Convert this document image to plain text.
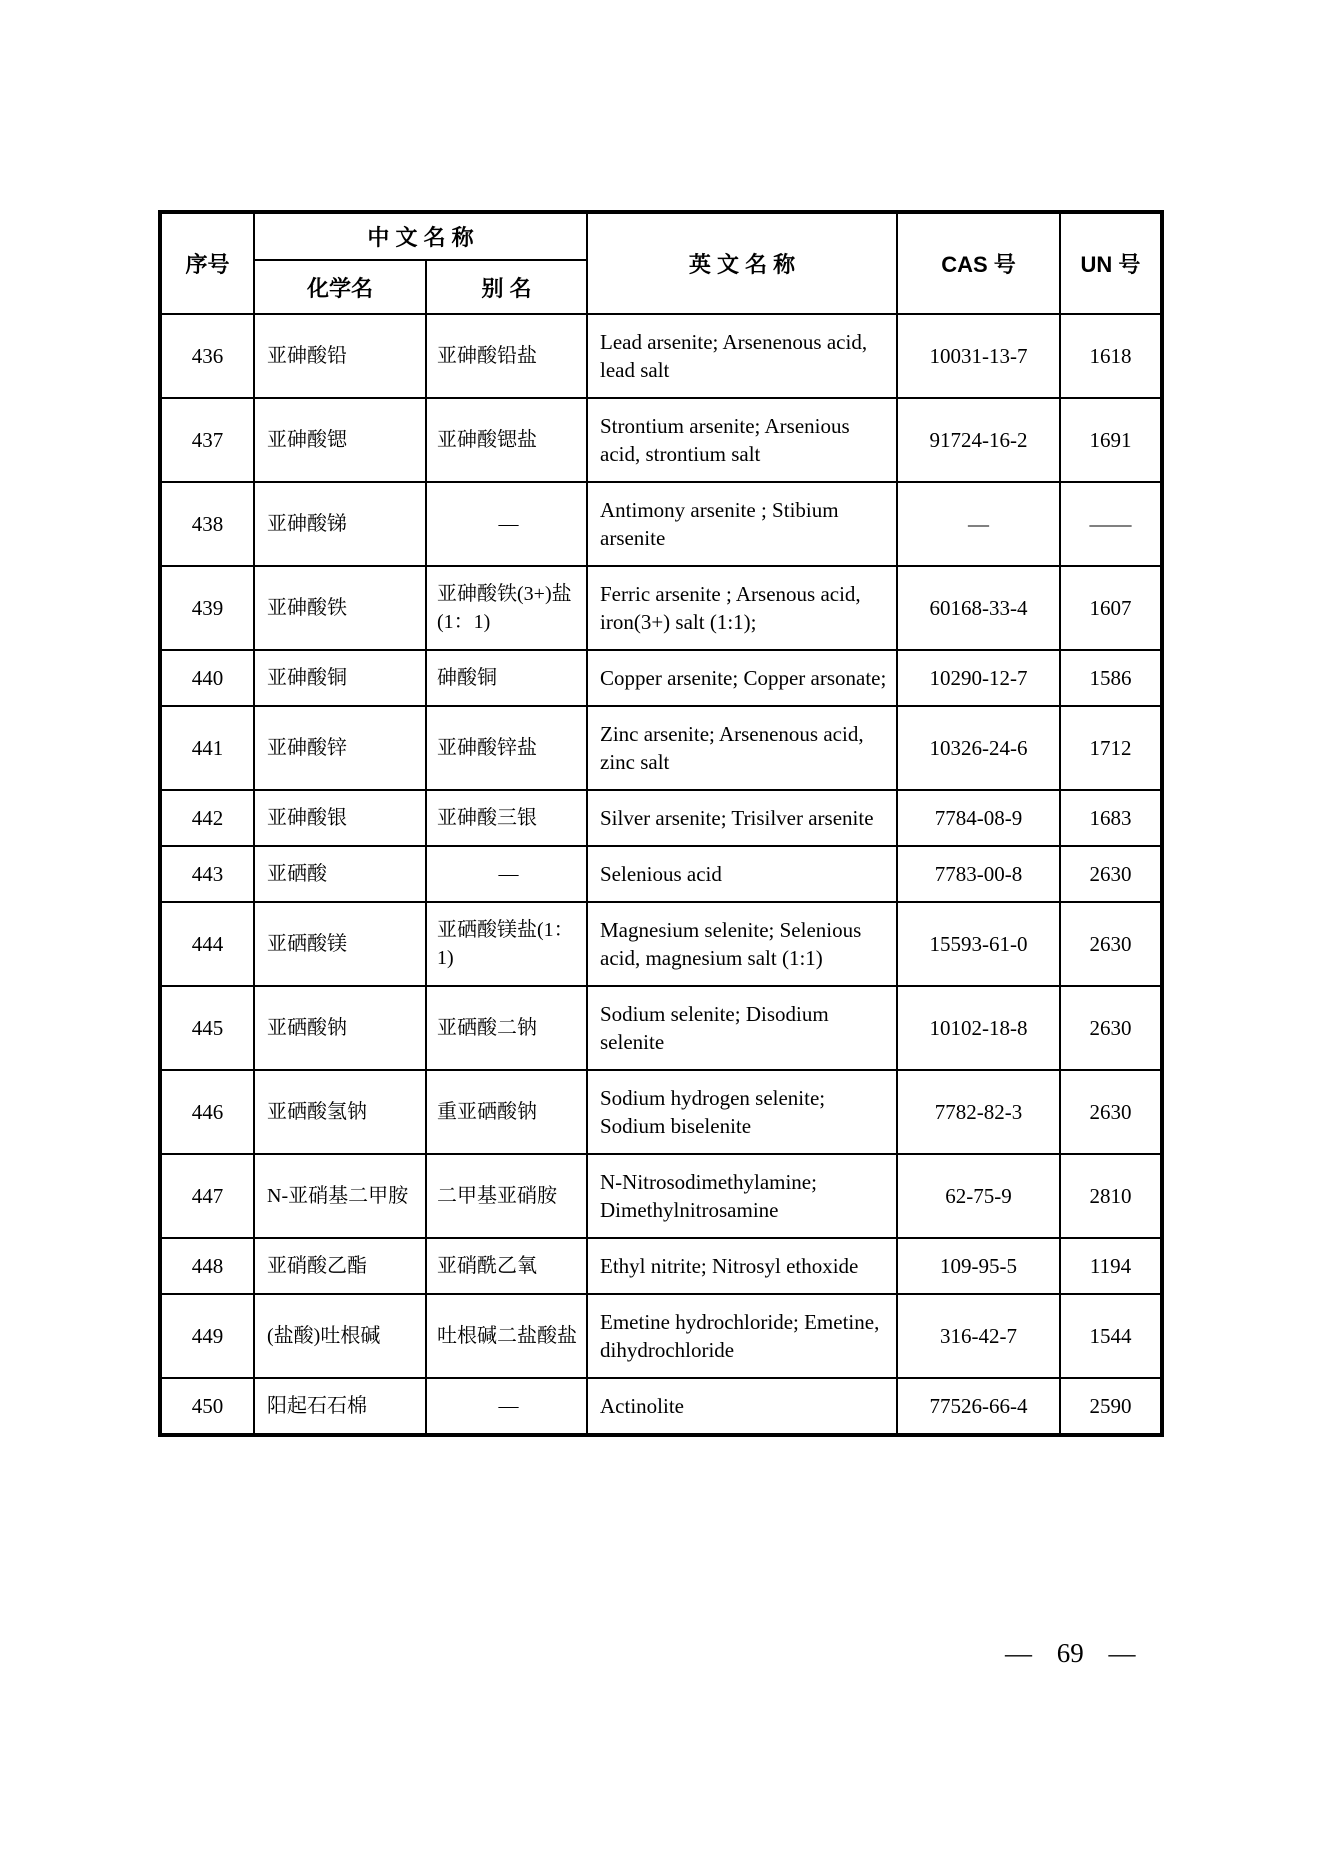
序号	中 文 名 称		英 文 名 称	CAS 号	UN 号
	化学名	别 名			
436	亚砷酸铅	亚砷酸铅盐	Lead arsenite; Arsenenous acid, lead salt	10031-13-7	1618
437	亚砷酸锶	亚砷酸锶盐	Strontium arsenite; Arsenious acid, strontium salt	91724-16-2	1691
438	亚砷酸锑	—	Antimony arsenite ; Stibium arsenite	—	——
439	亚砷酸铁	亚砷酸铁(3+)盐(1：1)	Ferric arsenite ; Arsenous acid, iron(3+) salt (1:1);	60168-33-4	1607
440	亚砷酸铜	砷酸铜	Copper arsenite; Copper arsonate;	10290-12-7	1586
441	亚砷酸锌	亚砷酸锌盐	Zinc arsenite; Arsenenous acid, zinc salt	10326-24-6	1712
442	亚砷酸银	亚砷酸三银	Silver arsenite; Trisilver arsenite	7784-08-9	1683
443	亚硒酸	—	Selenious acid	7783-00-8	2630
444	亚硒酸镁	亚硒酸镁盐(1：1)	Magnesium selenite; Selenious acid, magnesium salt (1:1)	15593-61-0	2630
445	亚硒酸钠	亚硒酸二钠	Sodium selenite; Disodium selenite	10102-18-8	2630
446	亚硒酸氢钠	重亚硒酸钠	Sodium hydrogen selenite; Sodium biselenite	7782-82-3	2630
447	N-亚硝基二甲胺	二甲基亚硝胺	N-Nitrosodimethylamine; Dimethylnitrosamine	62-75-9	2810
448	亚硝酸乙酯	亚硝酰乙氧	Ethyl nitrite; Nitrosyl ethoxide	109-95-5	1194
449	(盐酸)吐根碱	吐根碱二盐酸盐	Emetine hydrochloride; Emetine, dihydrochloride	316-42-7	1544
450	阳起石石棉	—	Actinolite	77526-66-4	2590
— 69 —
